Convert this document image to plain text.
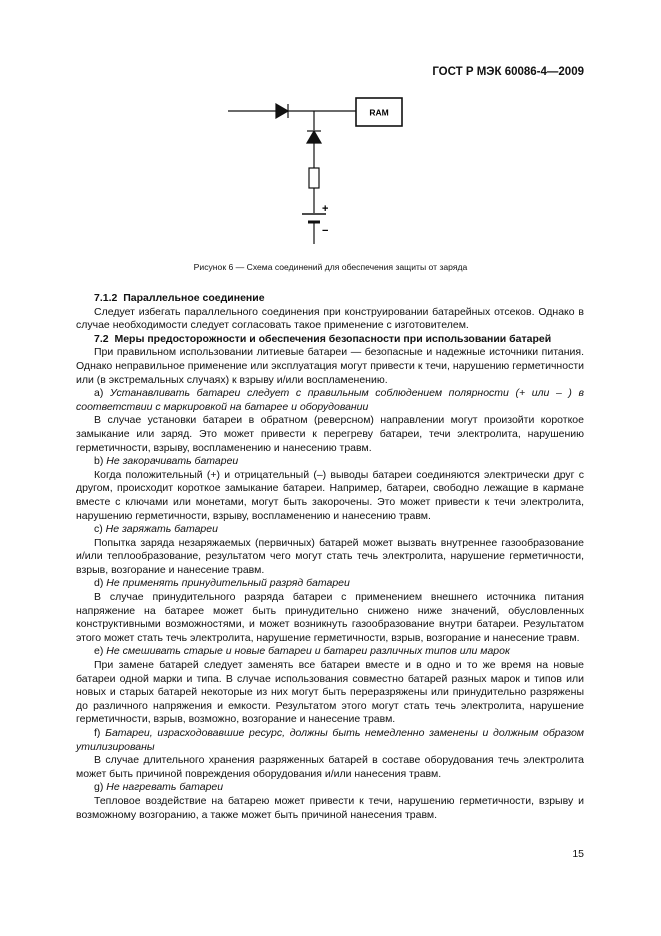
ГОСТ Р МЭК 60086-4—2009
RAM
+
−
Рисунок 6 — Схема соединений для обеспечения защиты от заряда

7.1.2 Параллельное соединение

Следует избегать параллельного соединения при конструировании батарейных отсеков. Однако в случае необходимости следует согласовать такое применение с изготовителем.

7.2 Меры предосторожности и обеспечения безопасности при использовании батарей

При правильном использовании литиевые батареи — безопасные и надежные источники питания. Однако неправильное применение или эксплуатация могут привести к течи, нарушению герметичности или (в экстремальных случаях) к взрыву и/или воспламенению.

a) Устанавливать батареи следует с правильным соблюдением полярности (+ или – ) в соответствии с маркировкой на батарее и оборудовании

В случае установки батареи в обратном (реверсном) направлении могут произойти короткое замыкание или заряд. Это может привести к перегреву батареи, течи электролита, нарушению герметичности, взрыву, воспламенению и нанесению травм.

b) Не закорачивать батареи

Когда положительный (+) и отрицательный (–) выводы батареи соединяются электрически друг с другом, происходит короткое замыкание батареи. Например, батареи, свободно лежащие в кармане вместе с ключами или монетами, могут быть закорочены. Это может привести к течи электролита, нарушению герметичности, взрыву, воспламенению и нанесению травм.

c) Не заряжать батареи

Попытка заряда незаряжаемых (первичных) батарей может вызвать внутреннее газообразование и/или теплообразование, результатом чего могут стать течь электролита, нарушение герметичности, взрыв, возгорание и нанесение травм.

d) Не применять принудительный разряд батареи

В случае принудительного разряда батареи с применением внешнего источника питания напряжение на батарее может быть принудительно снижено ниже значений, обусловленных конструктивными возможностями, и может возникнуть газообразование внутри батареи. Результатом этого может стать течь электролита, нарушение герметичности, взрыв, возгорание и нанесение травм.

e) Не смешивать старые и новые батареи и батареи различных типов или марок

При замене батарей следует заменять все батареи вместе и в одно и то же время на новые батареи одной марки и типа. В случае использования совместно батарей разных марок и типов или новых и старых батарей некоторые из них могут быть переразряжены или принудительно разряжены до различного напряжения и емкости. Результатом этого могут стать течь электролита, нарушение герметичности, взрыв, возможно, возгорание и нанесение травм.

f) Батареи, израсходовавшие ресурс, должны быть немедленно заменены и должным образом утилизированы

В случае длительного хранения разряженных батарей в составе оборудования течь электролита может быть причиной повреждения оборудования и/или нанесения травм.

g) Не нагревать батареи

Тепловое воздействие на батарею может привести к течи, нарушению герметичности, взрыву и возможному возгоранию, а также может быть причиной нанесения травм.

15
